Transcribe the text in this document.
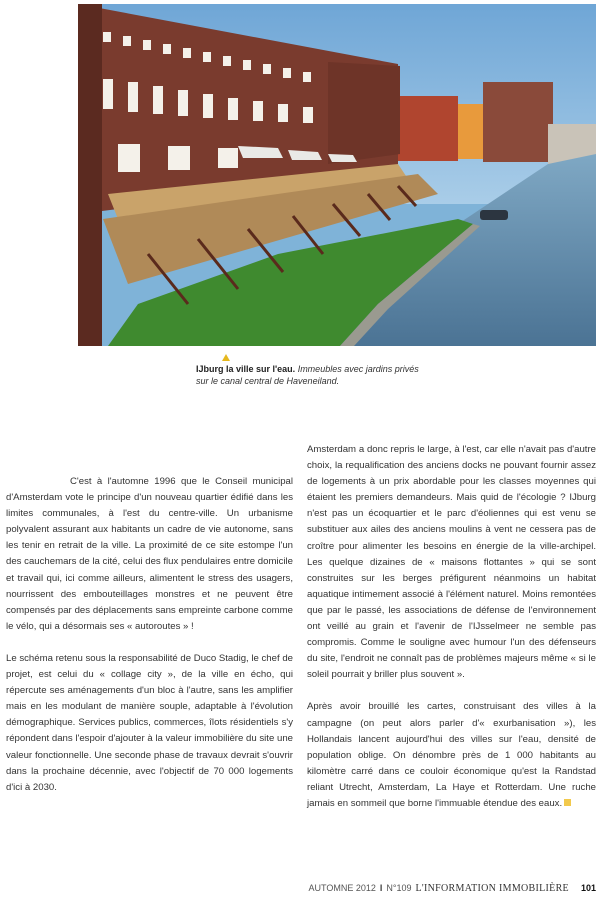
IJburg la ville sur l'eau. Immeubles avec jardins privés sur le canal central de Haveneiland.

C'est à l'automne 1996 que le Conseil municipal d'Amsterdam vote le principe d'un nouveau quartier édifié dans les limites communales, à l'est du centre-ville. Un urbanisme polyvalent assurant aux habitants un cadre de vie autonome, sans les tenir en retrait de la ville. La proximité de ce site estompe l'un des cauchemars de la cité, celui des flux pendulaires entre domicile et travail qui, ici comme ailleurs, alimentent le stress des usagers, nourrissent des embouteillages monstres et ne peuvent être compensés par des déplacements sans empreinte carbone comme le vélo, qui a désormais ses « autoroutes » !

Le schéma retenu sous la responsabilité de Duco Stadig, le chef de projet, est celui du « collage city », de la ville en écho, qui répercute ses aménagements d'un bloc à l'autre, sans les amplifier mais en les modulant de manière souple, adaptable à l'évolution démographique. Services publics, commerces, îlots résidentiels s'y répondent dans l'espoir d'ajouter à la valeur immobilière du site une valeur fonctionnelle. Une seconde phase de travaux devrait s'ouvrir dans la prochaine décennie, avec l'objectif de 70 000 logements d'ici à 2030.

Amsterdam a donc repris le large, à l'est, car elle n'avait pas d'autre choix, la requalification des anciens docks ne pouvant fournir assez de logements à un prix abordable pour les classes moyennes qui étaient les premiers demandeurs. Mais quid de l'écologie ? IJburg n'est pas un écoquartier et le parc d'éoliennes qui est venu se substituer aux ailes des anciens moulins à vent ne cessera pas de croître pour alimenter les besoins en énergie de la ville-archipel. Les quelque dizaines de « maisons flottantes » qui se sont construites sur les berges préfigurent néanmoins un habitat aquatique intimement associé à l'élément naturel. Moins remontées que par le passé, les associations de défense de l'environnement ont veillé au grain et l'avenir de l'IJsselmeer ne semble pas compromis. Comme le souligne avec humour l'un des défenseurs du site, l'endroit ne connaît pas de problèmes majeurs même « si le soleil pourrait y briller plus souvent ».

Après avoir brouillé les cartes, construisant des villes à la campagne (on peut alors parler d'« exurbanisation »), les Hollandais lancent aujourd'hui des villes sur l'eau, densité de population oblige. On dénombre près de 1 000 habitants au kilomètre carré dans ce couloir économique qu'est la Randstad reliant Utrecht, Amsterdam, La Haye et Rotterdam. Une ruche jamais en sommeil que borne l'immuable étendue des eaux.

AUTOMNE 2012 I N°109 L'INFORMATION IMMOBILIÈRE 101
